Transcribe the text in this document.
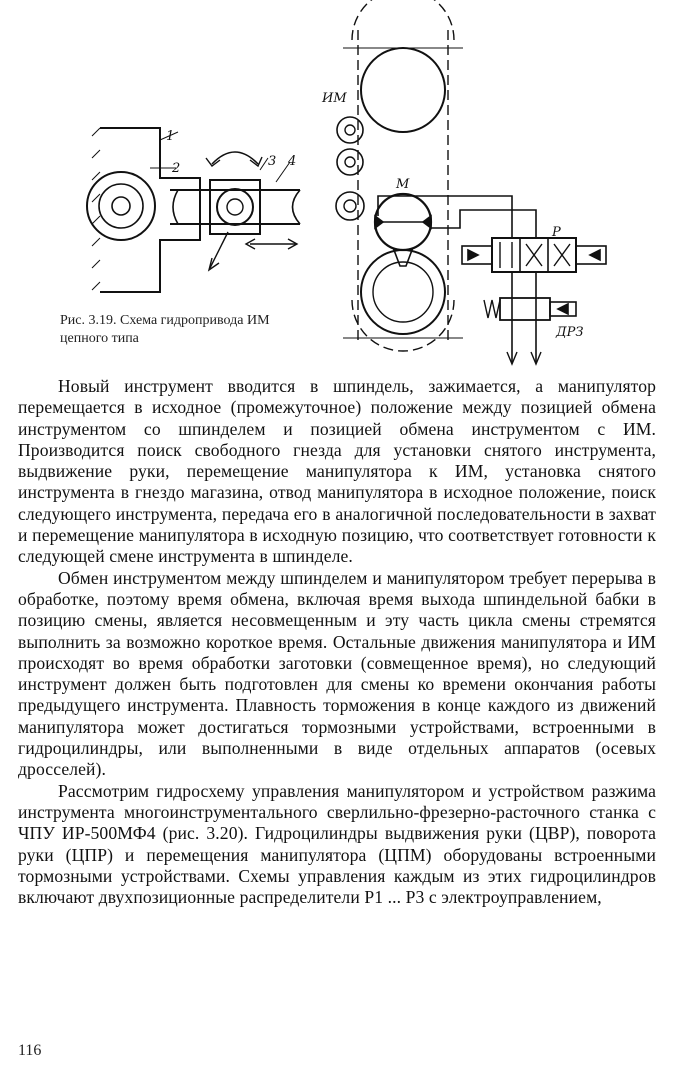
1
2	3 4
ИМ
М
Р
ДРЗ
Рис. 3.19. Схема гидропривода ИМ цепного типа

Новый инструмент вводится в шпиндель, зажимается, а манипулятор перемещается в исходное (промежуточное) положение между позицией обмена инструментом со шпинделем и позицией обмена инструментом с ИМ. Производится поиск свободного гнезда для установки снятого инструмента, выдвижение руки, перемещение манипулятора к ИМ, установка снятого инструмента в гнездо магазина, отвод манипулятора в исходное положение, поиск следующего инструмента, передача его в аналогичной последовательности в захват и перемещение манипулятора в исходную позицию, что соответствует готовности к следующей смене инструмента в шпинделе.

Обмен инструментом между шпинделем и манипулятором требует перерыва в обработке, поэтому время обмена, включая время выхода шпиндельной бабки в позицию смены, является несовмещенным и эту часть цикла смены стремятся выполнить за возможно короткое время. Остальные движения манипулятора и ИМ происходят во время обработки заготовки (совмещенное время), но следующий инструмент должен быть подготовлен для смены ко времени окончания работы предыдущего инструмента. Плавность торможения в конце каждого из движений манипулятора может достигаться тормозными устройствами, встроенными в гидроцилиндры, или выполненными в виде отдельных аппаратов (осевых дросселей).

Рассмотрим гидросхему управления манипулятором и устройством разжима инструмента многоинструментального сверлильно-фрезерно-расточного станка с ЧПУ ИР-500МФ4 (рис. 3.20). Гидроцилиндры выдвижения руки (ЦВР), поворота руки (ЦПР) и перемещения манипулятора (ЦПМ) оборудованы встроенными тормозными устройствами. Схемы управления каждым из этих гидроцилиндров включают двухпозиционные распределители Р1 ... Р3 с электроуправлением,

116
